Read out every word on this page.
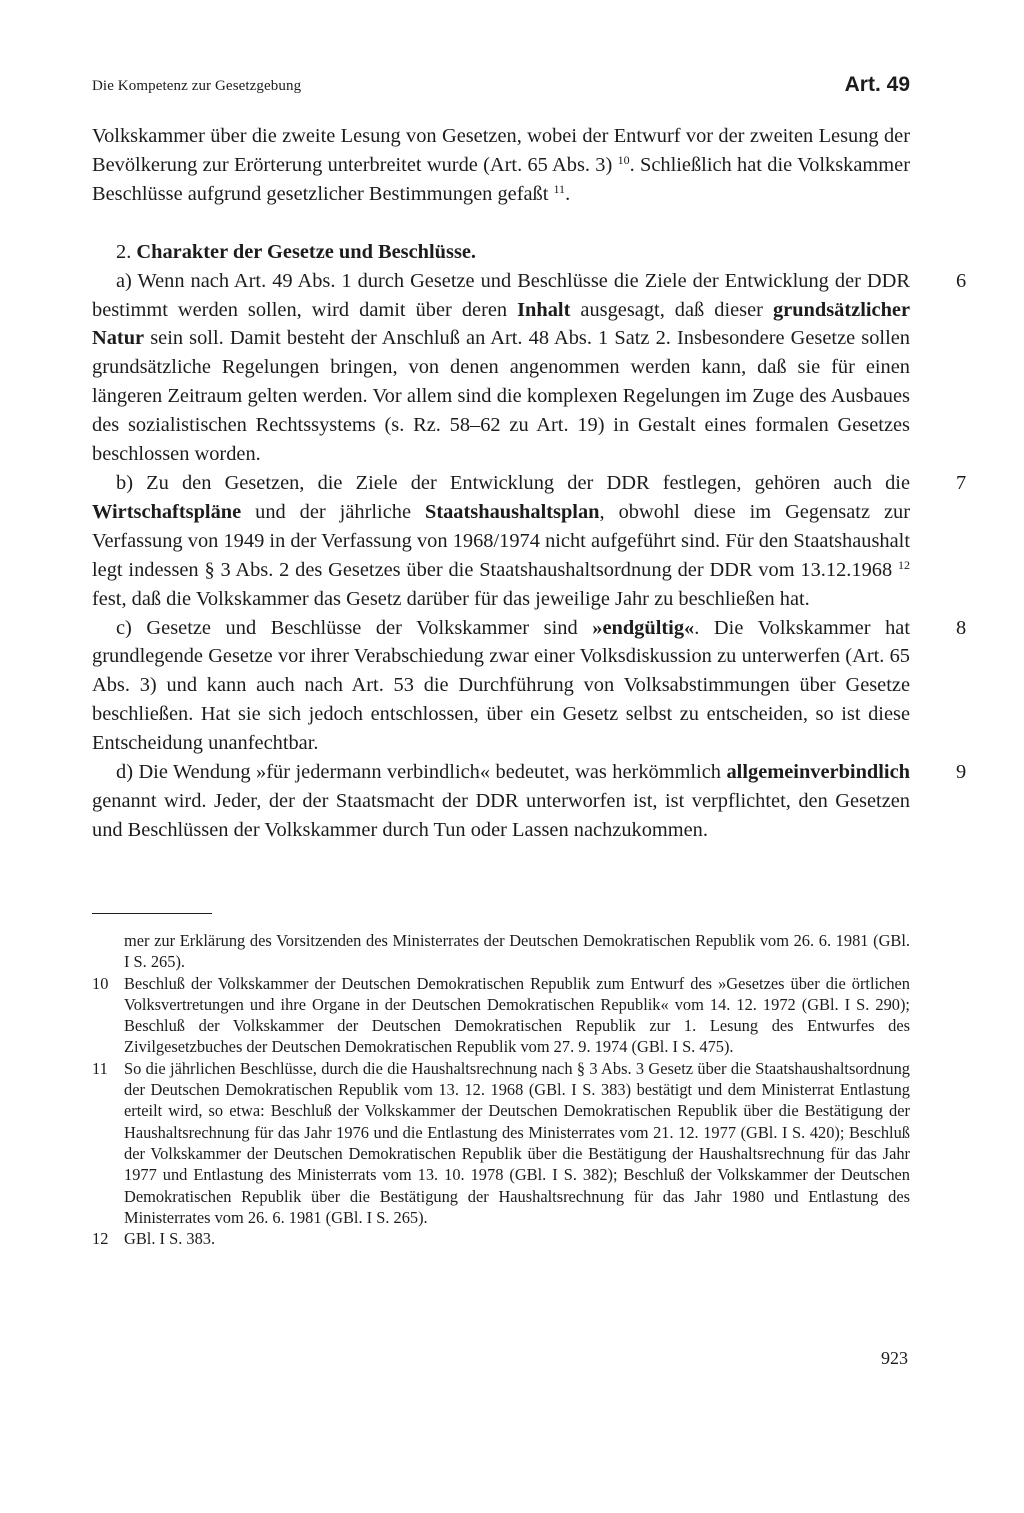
Die Kompetenz zur Gesetzgebung	Art. 49

Volkskammer über die zweite Lesung von Gesetzen, wobei der Entwurf vor der zweiten Lesung der Bevölkerung zur Erörterung unterbreitet wurde (Art. 65 Abs. 3) $^{10}$. Schließlich hat die Volkskammer Beschlüsse aufgrund gesetzlicher Bestimmungen gefaßt $^{11}$.

2. Charakter der Gesetze und Beschlüsse.

6
a) Wenn nach Art. 49 Abs. 1 durch Gesetze und Beschlüsse die Ziele der Entwicklung der DDR bestimmt werden sollen, wird damit über deren Inhalt ausgesagt, daß dieser grundsätzlicher Natur sein soll. Damit besteht der Anschluß an Art. 48 Abs. 1 Satz 2. Insbesondere Gesetze sollen grundsätzliche Regelungen bringen, von denen angenommen werden kann, daß sie für einen längeren Zeitraum gelten werden. Vor allem sind die komplexen Regelungen im Zuge des Ausbaues des sozialistischen Rechtssystems (s. Rz. 58–62 zu Art. 19) in Gestalt eines formalen Gesetzes beschlossen worden.

7
b) Zu den Gesetzen, die Ziele der Entwicklung der DDR festlegen, gehören auch die Wirtschaftspläne und der jährliche Staatshaushaltsplan, obwohl diese im Gegensatz zur Verfassung von 1949 in der Verfassung von 1968/1974 nicht aufgeführt sind. Für den Staatshaushalt legt indessen § 3 Abs. 2 des Gesetzes über die Staatshaushaltsordnung der DDR vom 13.12.1968 $^{12}$ fest, daß die Volkskammer das Gesetz darüber für das jeweilige Jahr zu beschließen hat.

8
c) Gesetze und Beschlüsse der Volkskammer sind »endgültig«. Die Volkskammer hat grundlegende Gesetze vor ihrer Verabschiedung zwar einer Volksdiskussion zu unterwerfen (Art. 65 Abs. 3) und kann auch nach Art. 53 die Durchführung von Volksabstimmungen über Gesetze beschließen. Hat sie sich jedoch entschlossen, über ein Gesetz selbst zu entscheiden, so ist diese Entscheidung unanfechtbar.

9
d) Die Wendung »für jedermann verbindlich« bedeutet, was herkömmlich allgemeinverbindlich genannt wird. Jeder, der der Staatsmacht der DDR unterworfen ist, ist verpflichtet, den Gesetzen und Beschlüssen der Volkskammer durch Tun oder Lassen nachzukommen.

mer zur Erklärung des Vorsitzenden des Ministerrates der Deutschen Demokratischen Republik vom 26. 6. 1981 (GBl. I S. 265).

10 Beschluß der Volkskammer der Deutschen Demokratischen Republik zum Entwurf des »Gesetzes über die örtlichen Volksvertretungen und ihre Organe in der Deutschen Demokratischen Republik« vom 14. 12. 1972 (GBl. I S. 290); Beschluß der Volkskammer der Deutschen Demokratischen Republik zur 1. Lesung des Entwurfes des Zivilgesetzbuches der Deutschen Demokratischen Republik vom 27. 9. 1974 (GBl. I S. 475).

11 So die jährlichen Beschlüsse, durch die die Haushaltsrechnung nach § 3 Abs. 3 Gesetz über die Staatshaushaltsordnung der Deutschen Demokratischen Republik vom 13. 12. 1968 (GBl. I S. 383) bestätigt und dem Ministerrat Entlastung erteilt wird, so etwa: Beschluß der Volkskammer der Deutschen Demokratischen Republik über die Bestätigung der Haushaltsrechnung für das Jahr 1976 und die Entlastung des Ministerrates vom 21. 12. 1977 (GBl. I S. 420); Beschluß der Volkskammer der Deutschen Demokratischen Republik über die Bestätigung der Haushaltsrechnung für das Jahr 1977 und Entlastung des Ministerrats vom 13. 10. 1978 (GBl. I S. 382); Beschluß der Volkskammer der Deutschen Demokratischen Republik über die Bestätigung der Haushaltsrechnung für das Jahr 1980 und Entlastung des Ministerrates vom 26. 6. 1981 (GBl. I S. 265).

12 GBl. I S. 383.

923
